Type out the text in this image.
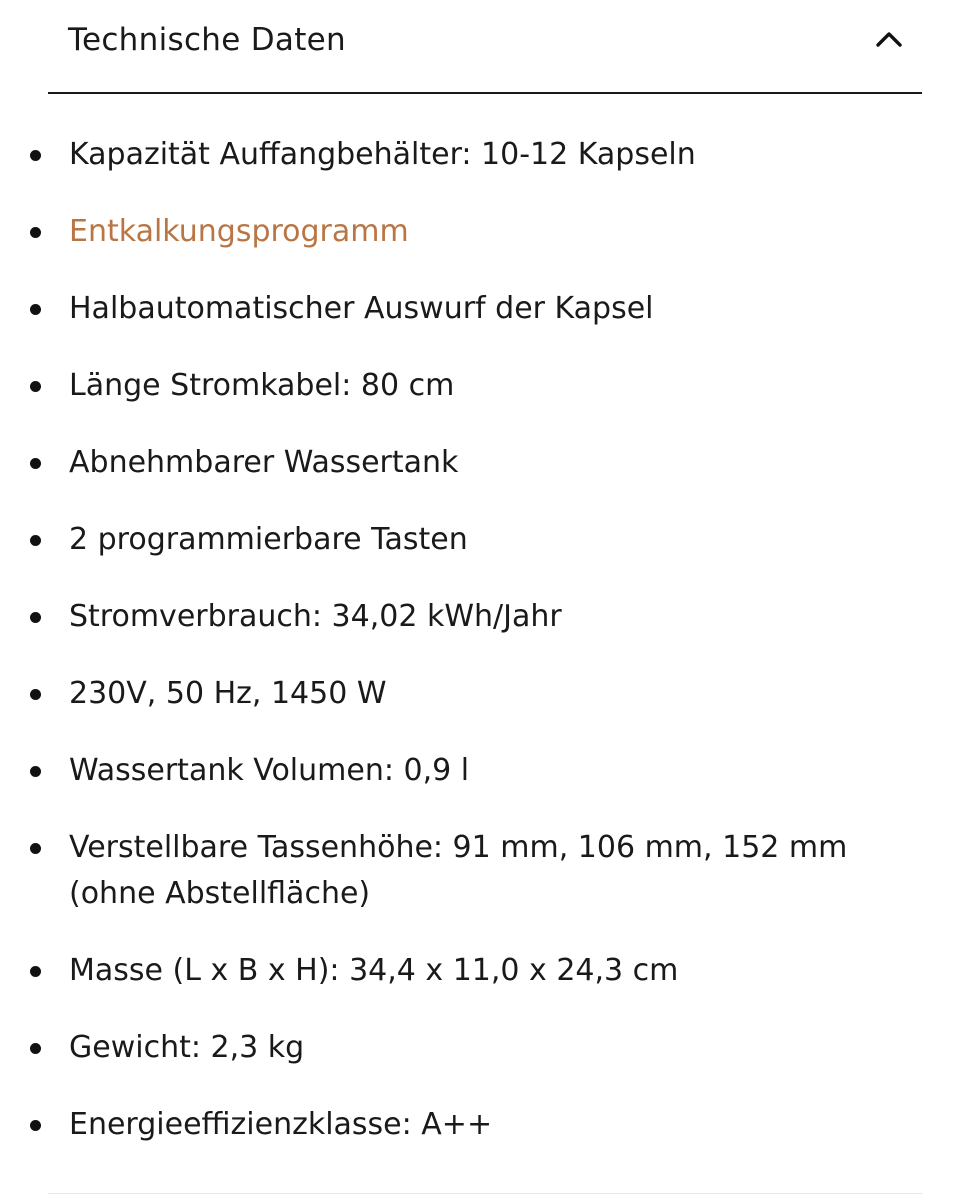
Technische Daten
Kapazität Auffangbehälter: 10-12 Kapseln
Entkalkungsprogramm
Halbautomatischer Auswurf der Kapsel
Länge Stromkabel: 80 cm
Abnehmbarer Wassertank
2 programmierbare Tasten
Stromverbrauch: 34,02 kWh/Jahr
230V, 50 Hz, 1450 W
Wassertank Volumen: 0,9 l
Verstellbare Tassenhöhe: 91 mm, 106 mm, 152 mm (ohne Abstellfläche)
Masse (L x B x H): 34,4 x 11,0 x 24,3 cm
Gewicht: 2,3 kg
Energieeffizienzklasse: A++
